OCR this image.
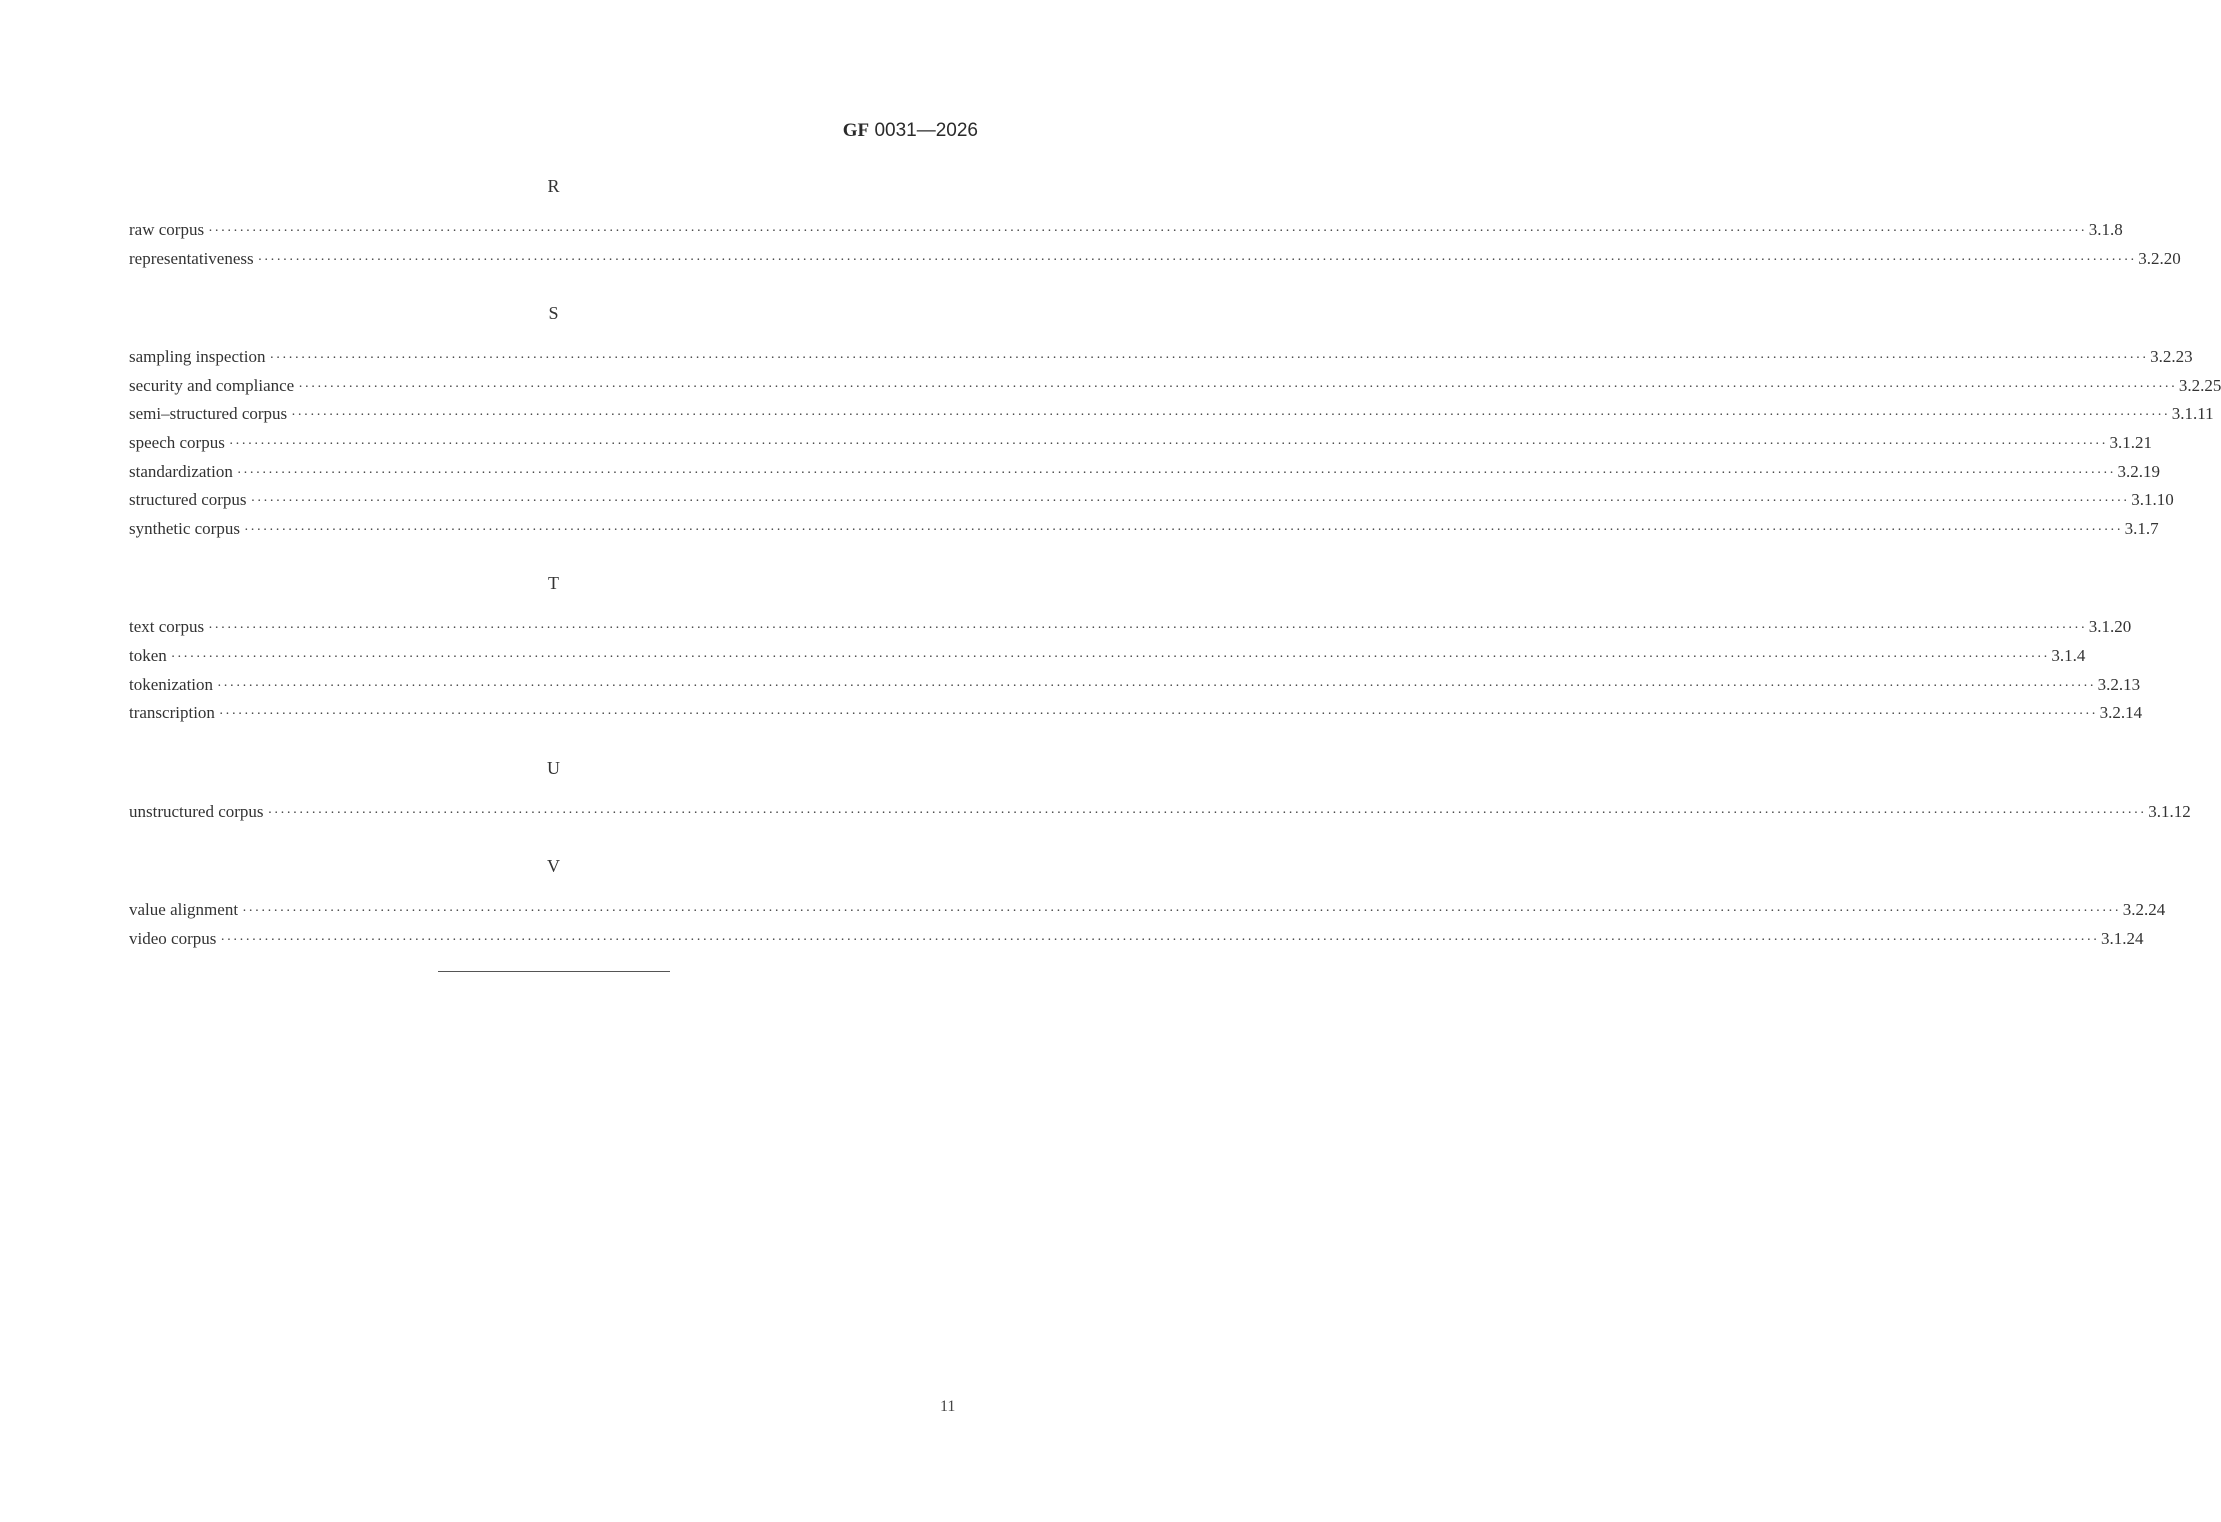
GF 0031—2026
R
raw corpus ············································································································································································································································································································ 3.1.8
representativeness ············································································································································································································································································································ 3.2.20
S
sampling inspection ············································································································································································································································································································ 3.2.23
security and compliance ············································································································································································································································································································ 3.2.25
semi–structured corpus ············································································································································································································································································································ 3.1.11
speech corpus ············································································································································································································································································································ 3.1.21
standardization ············································································································································································································································································································ 3.2.19
structured corpus ············································································································································································································································································································ 3.1.10
synthetic corpus ············································································································································································································································································································ 3.1.7
T
text corpus ············································································································································································································································································································ 3.1.20
token ············································································································································································································································································································ 3.1.4
tokenization ············································································································································································································································································································ 3.2.13
transcription ············································································································································································································································································································ 3.2.14
U
unstructured corpus ············································································································································································································································································································ 3.1.12
V
value alignment ············································································································································································································································································································ 3.2.24
video corpus ············································································································································································································································································································ 3.1.24
11
